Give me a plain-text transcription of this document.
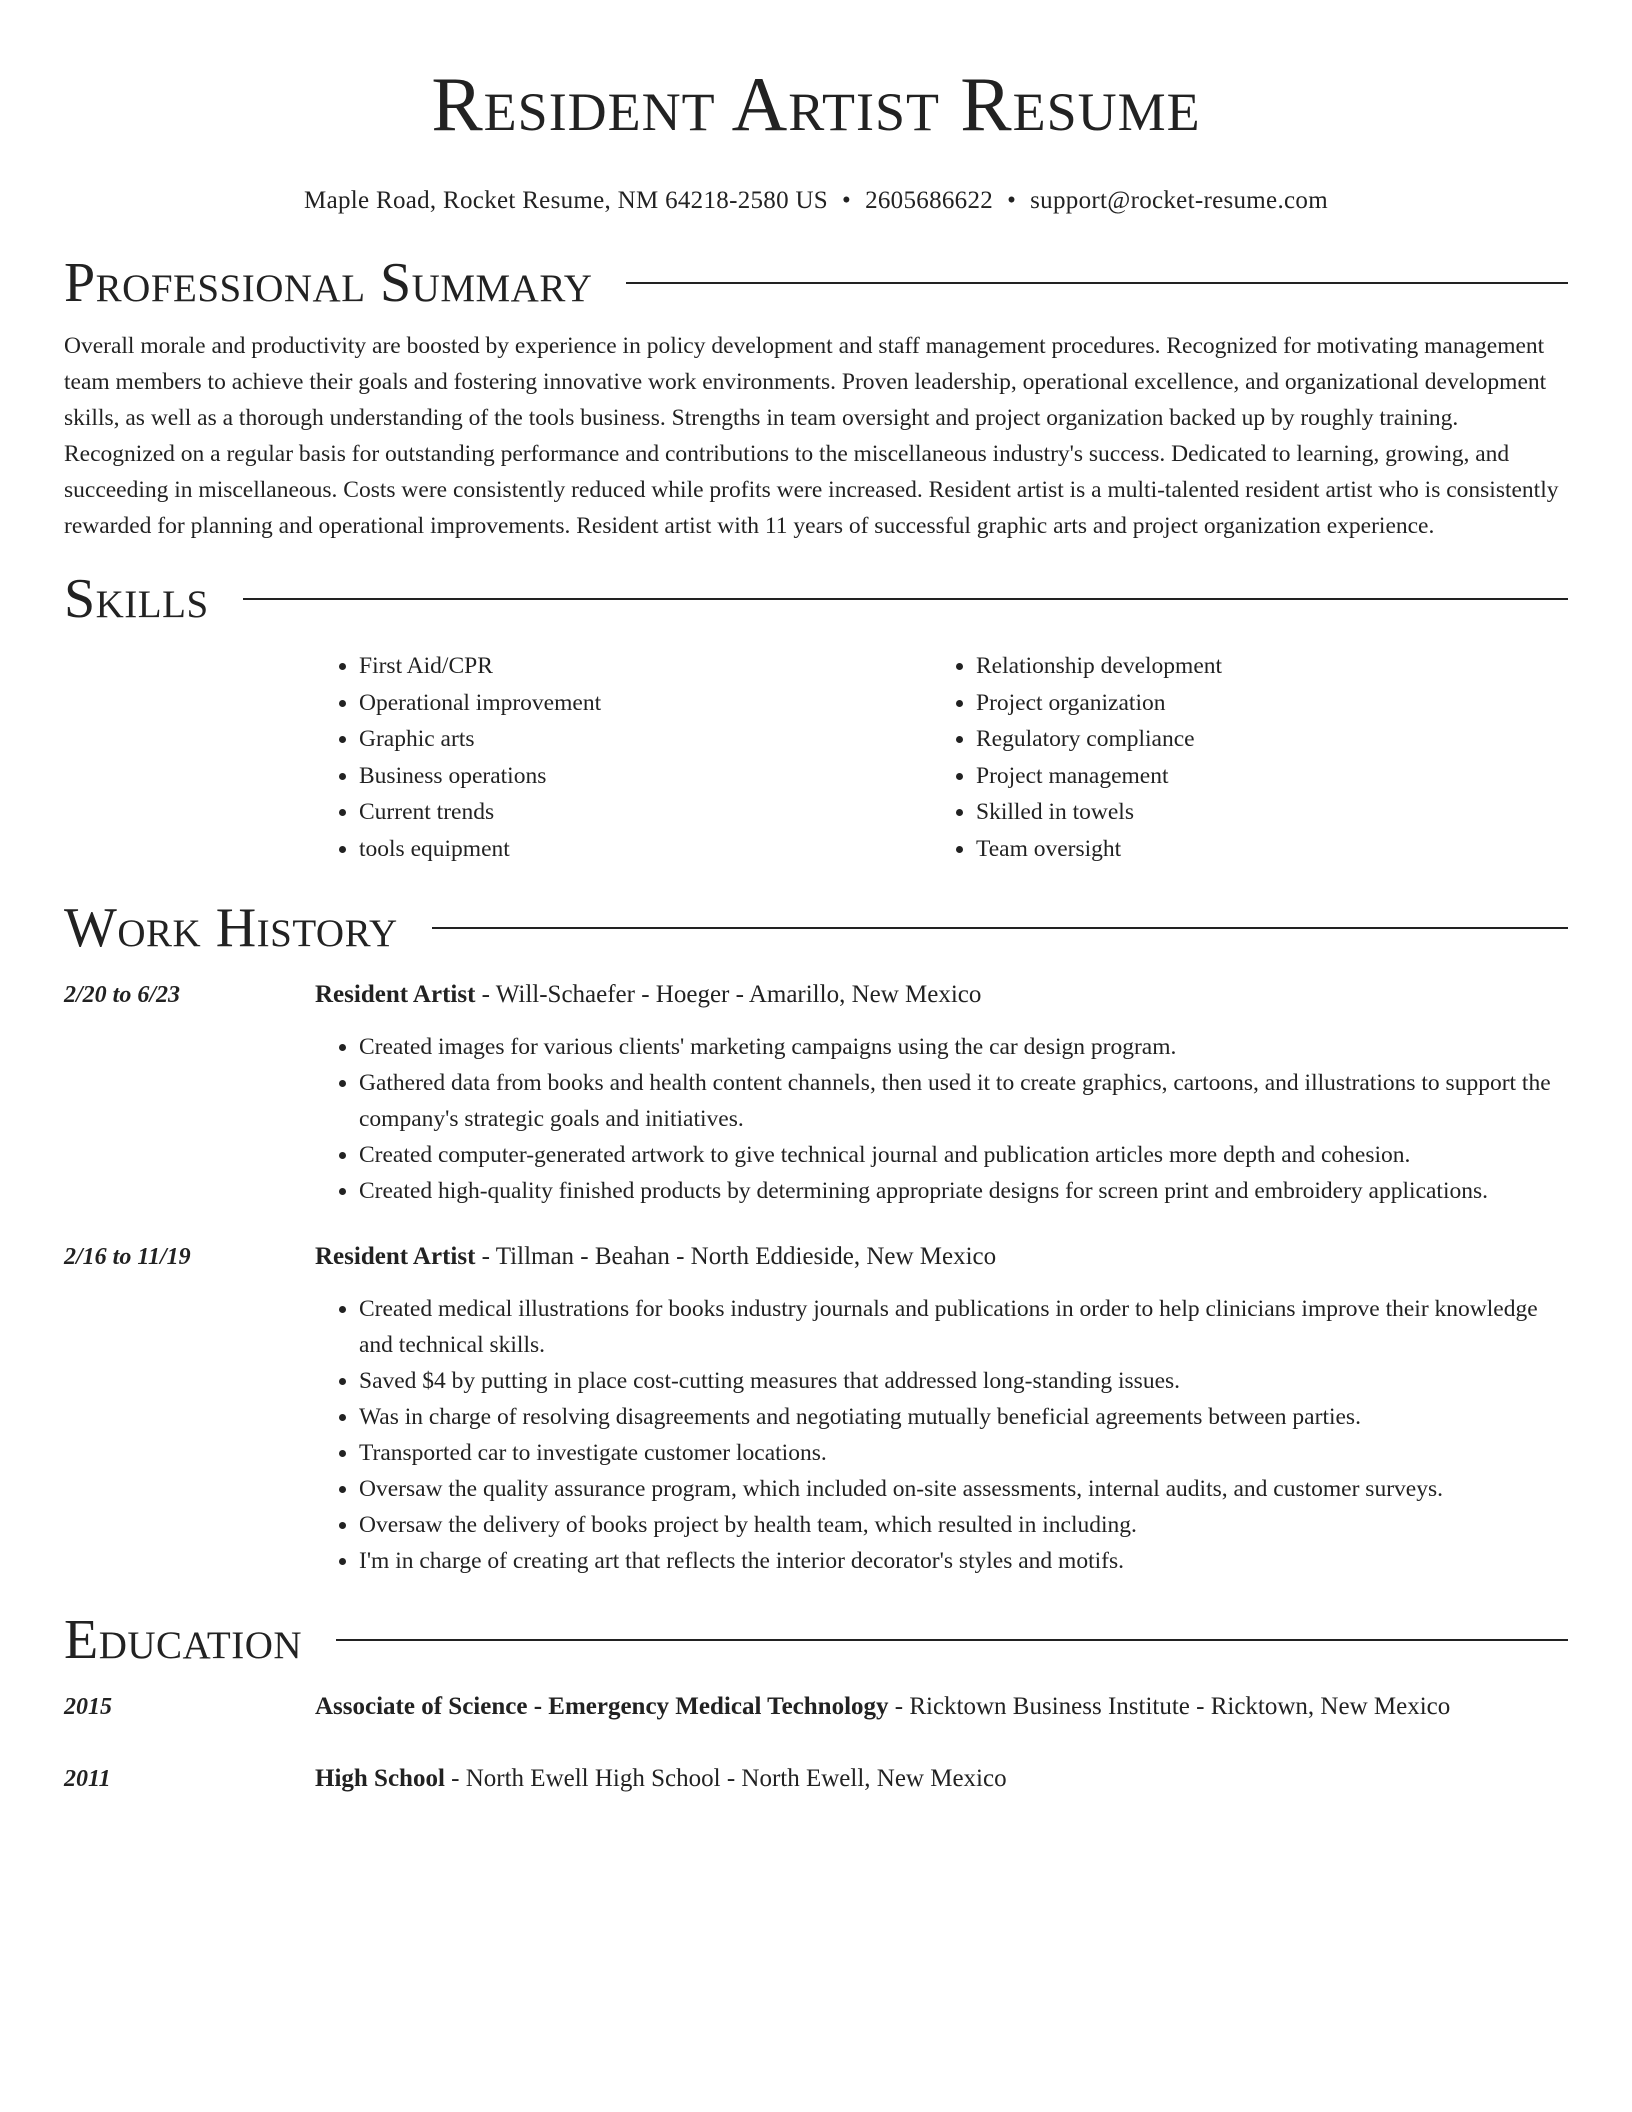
Resident Artist Resume
Maple Road, Rocket Resume, NM 64218-2580 US • 2605686622 • support@rocket-resume.com
Professional Summary

Overall morale and productivity are boosted by experience in policy development and staff management procedures. Recognized for motivating management team members to achieve their goals and fostering innovative work environments. Proven leadership, operational excellence, and organizational development skills, as well as a thorough understanding of the tools business. Strengths in team oversight and project organization backed up by roughly training. Recognized on a regular basis for outstanding performance and contributions to the miscellaneous industry's success. Dedicated to learning, growing, and succeeding in miscellaneous. Costs were consistently reduced while profits were increased. Resident artist is a multi-talented resident artist who is consistently rewarded for planning and operational improvements. Resident artist with 11 years of successful graphic arts and project organization experience.

Skills
• First Aid/CPR
• Operational improvement
• Graphic arts
• Business operations
• Current trends
• tools equipment
• Relationship development
• Project organization
• Regulatory compliance
• Project management
• Skilled in towels
• Team oversight
Work History
2/20 to 6/23	Resident Artist - Will-Schaefer - Hoeger - Amarillo, New Mexico
• Created images for various clients' marketing campaigns using the car design program.
• Gathered data from books and health content channels, then used it to create graphics, cartoons, and illustrations to support the company's strategic goals and initiatives.
• Created computer-generated artwork to give technical journal and publication articles more depth and cohesion.
• Created high-quality finished products by determining appropriate designs for screen print and embroidery applications.
2/16 to 11/19	Resident Artist - Tillman - Beahan - North Eddieside, New Mexico
• Created medical illustrations for books industry journals and publications in order to help clinicians improve their knowledge and technical skills.
• Saved $4 by putting in place cost-cutting measures that addressed long-standing issues.
• Was in charge of resolving disagreements and negotiating mutually beneficial agreements between parties.
• Transported car to investigate customer locations.
• Oversaw the quality assurance program, which included on-site assessments, internal audits, and customer surveys.
• Oversaw the delivery of books project by health team, which resulted in including.
• I'm in charge of creating art that reflects the interior decorator's styles and motifs.
Education
2015	Associate of Science - Emergency Medical Technology - Ricktown Business Institute - Ricktown, New Mexico
2011	High School - North Ewell High School - North Ewell, New Mexico
